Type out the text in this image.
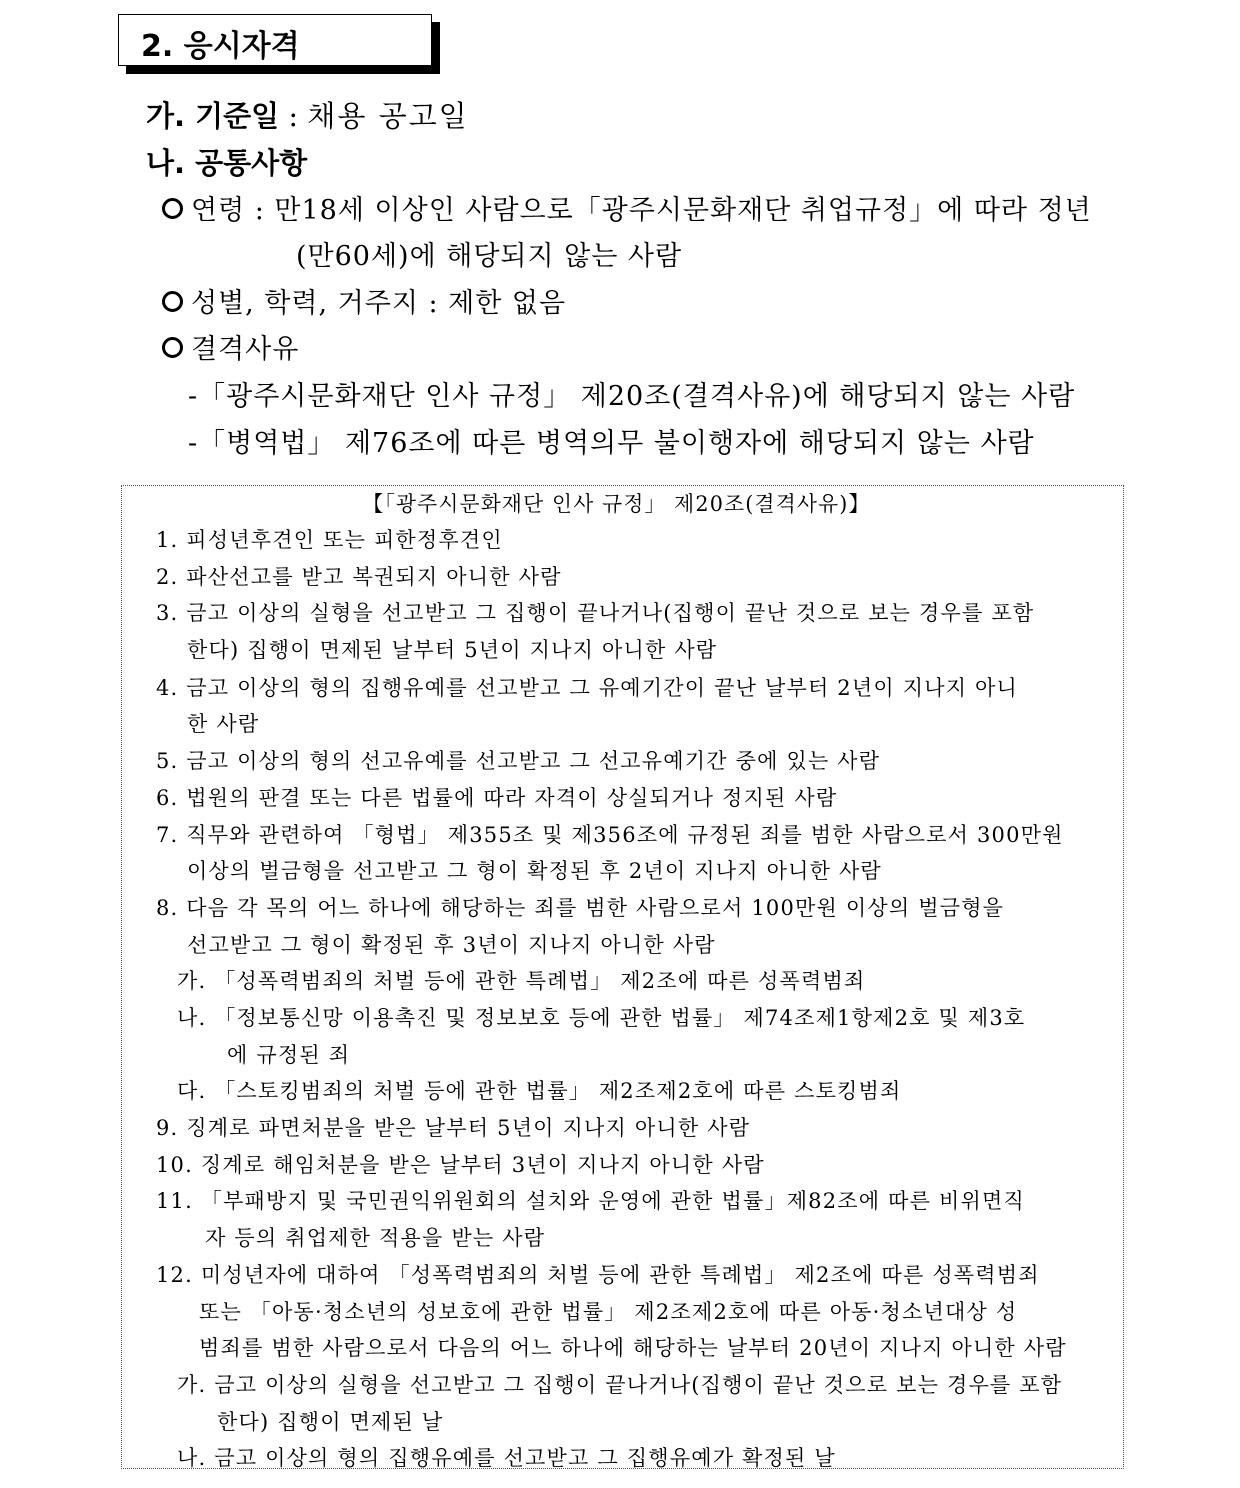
2. 응시자격
가. 기준일 : 채용 공고일
나. 공통사항
연령 : 만18세 이상인 사람으로「광주시문화재단 취업규정」에 따라 정년
(만60세)에 해당되지 않는 사람
성별, 학력, 거주지 : 제한 없음
결격사유
-「광주시문화재단 인사 규정」 제20조(결격사유)에 해당되지 않는 사람
-「병역법」 제76조에 따른 병역의무 불이행자에 해당되지 않는 사람
【「광주시문화재단 인사 규정」 제20조(결격사유)】
1. 피성년후견인 또는 피한정후견인
2. 파산선고를 받고 복권되지 아니한 사람
3. 금고 이상의 실형을 선고받고 그 집행이 끝나거나(집행이 끝난 것으로 보는 경우를 포함
한다) 집행이 면제된 날부터 5년이 지나지 아니한 사람
4. 금고 이상의 형의 집행유예를 선고받고 그 유예기간이 끝난 날부터 2년이 지나지 아니
한 사람
5. 금고 이상의 형의 선고유예를 선고받고 그 선고유예기간 중에 있는 사람
6. 법원의 판결 또는 다른 법률에 따라 자격이 상실되거나 정지된 사람
7. 직무와 관련하여 「형법」 제355조 및 제356조에 규정된 죄를 범한 사람으로서 300만원
이상의 벌금형을 선고받고 그 형이 확정된 후 2년이 지나지 아니한 사람
8. 다음 각 목의 어느 하나에 해당하는 죄를 범한 사람으로서 100만원 이상의 벌금형을
선고받고 그 형이 확정된 후 3년이 지나지 아니한 사람
가. 「성폭력범죄의 처벌 등에 관한 특례법」 제2조에 따른 성폭력범죄
나. 「정보통신망 이용촉진 및 정보보호 등에 관한 법률」 제74조제1항제2호 및 제3호
에 규정된 죄
다. 「스토킹범죄의 처벌 등에 관한 법률」 제2조제2호에 따른 스토킹범죄
9. 징계로 파면처분을 받은 날부터 5년이 지나지 아니한 사람
10. 징계로 해임처분을 받은 날부터 3년이 지나지 아니한 사람
11. 「부패방지 및 국민권익위원회의 설치와 운영에 관한 법률」제82조에 따른 비위면직
자 등의 취업제한 적용을 받는 사람
12. 미성년자에 대하여 「성폭력범죄의 처벌 등에 관한 특례법」 제2조에 따른 성폭력범죄
또는 「아동·청소년의 성보호에 관한 법률」 제2조제2호에 따른 아동·청소년대상 성
범죄를 범한 사람으로서 다음의 어느 하나에 해당하는 날부터 20년이 지나지 아니한 사람
가. 금고 이상의 실형을 선고받고 그 집행이 끝나거나(집행이 끝난 것으로 보는 경우를 포함
한다) 집행이 면제된 날
나. 금고 이상의 형의 집행유예를 선고받고 그 집행유예가 확정된 날
